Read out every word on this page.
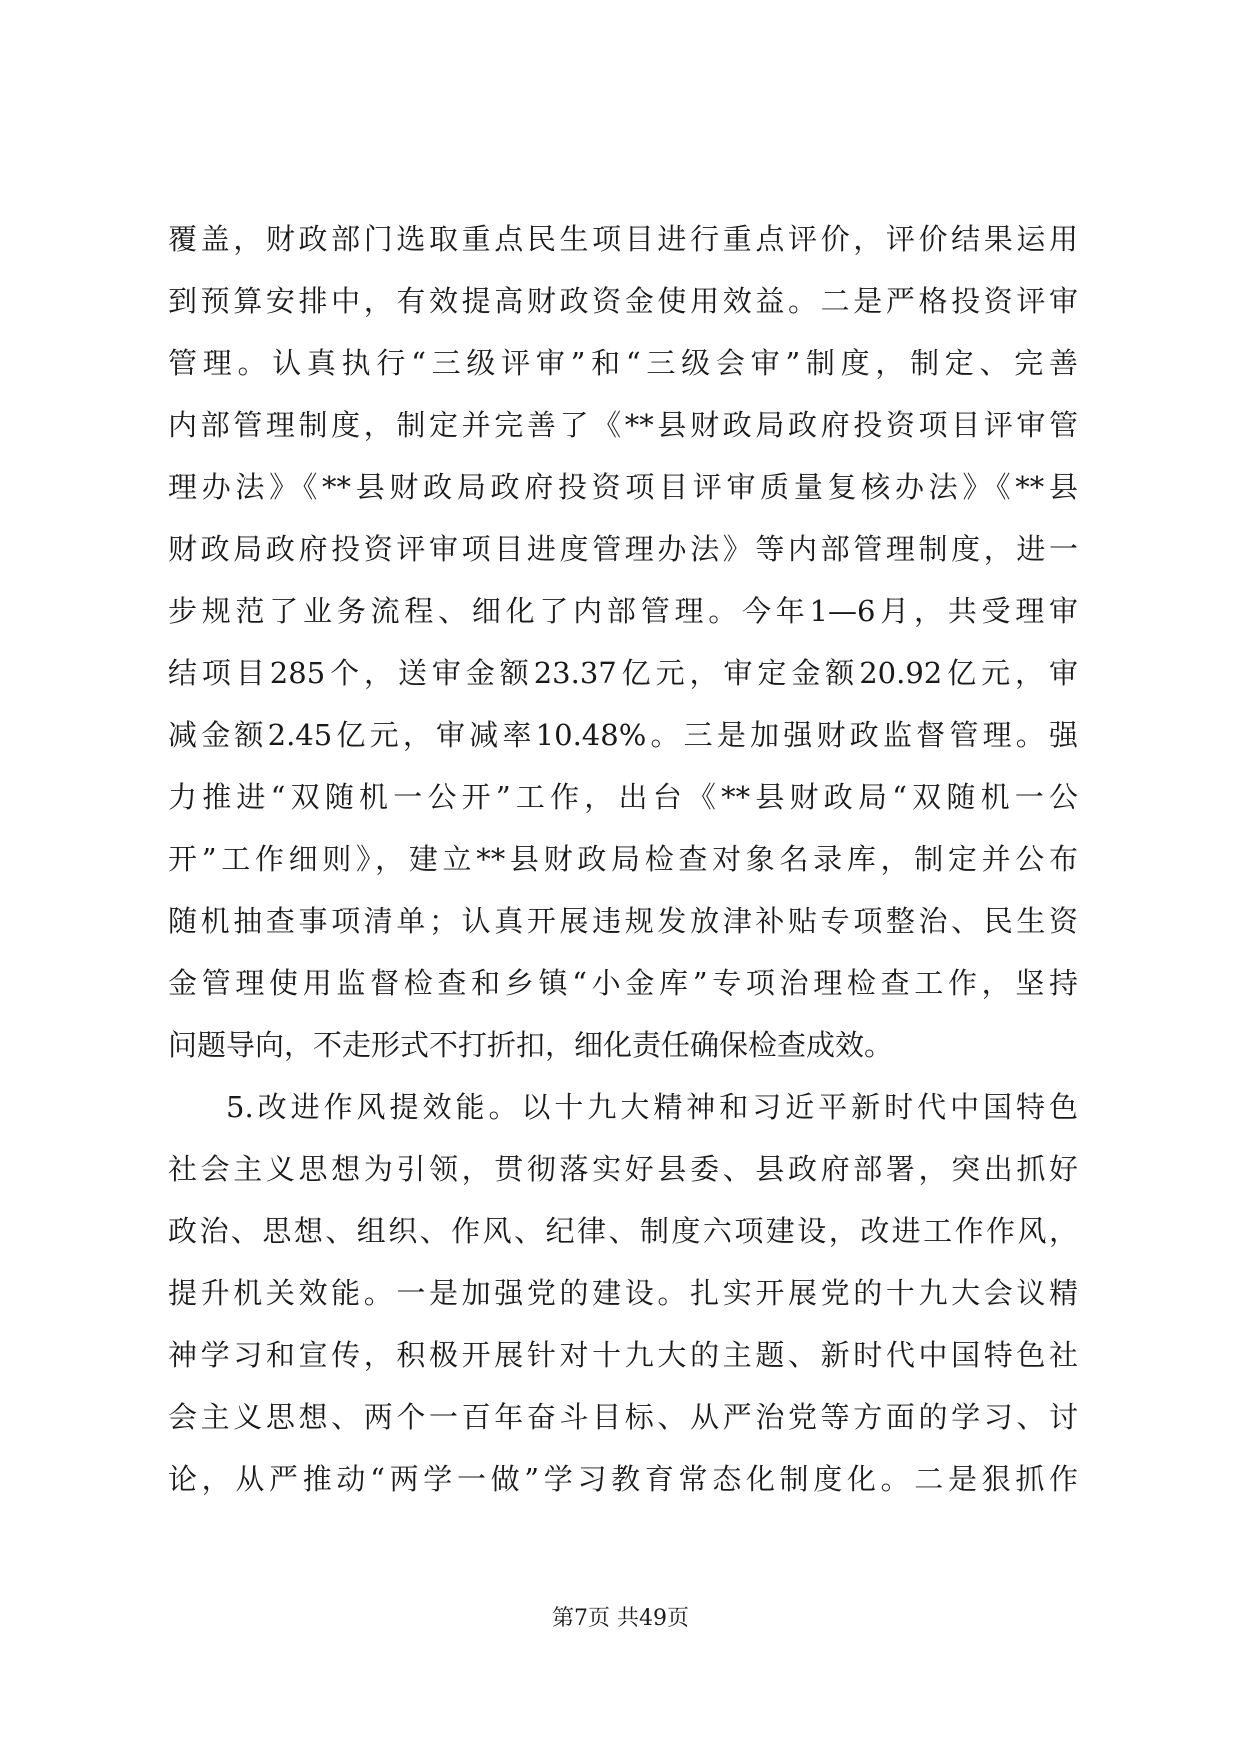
覆盖，财政部门选取重点民生项目进行重点评价，评价结果运用
到预算安排中，有效提高财政资金使用效益。二是严格投资评审
管理。认真执行“三级评审”和“三级会审”制度，制定、完善
内部管理制度，制定并完善了《**县财政局政府投资项目评审管
理办法》《**县财政局政府投资项目评审质量复核办法》《**县
财政局政府投资评审项目进度管理办法》等内部管理制度，进一
步规范了业务流程、细化了内部管理。今年1—6月，共受理审
结项目285个，送审金额23.37亿元，审定金额20.92亿元，审
减金额2.45亿元，审减率10.48%。三是加强财政监督管理。强
力推进“双随机一公开”工作，出台《**县财政局“双随机一公
开”工作细则》，建立**县财政局检查对象名录库，制定并公布
随机抽查事项清单；认真开展违规发放津补贴专项整治、民生资
金管理使用监督检查和乡镇“小金库”专项治理检查工作，坚持
问题导向，不走形式不打折扣，细化责任确保检查成效。
5.改进作风提效能。以十九大精神和习近平新时代中国特色
社会主义思想为引领，贯彻落实好县委、县政府部署，突出抓好
政治、思想、组织、作风、纪律、制度六项建设，改进工作作风，
提升机关效能。一是加强党的建设。扎实开展党的十九大会议精
神学习和宣传，积极开展针对十九大的主题、新时代中国特色社
会主义思想、两个一百年奋斗目标、从严治党等方面的学习、讨
论，从严推动“两学一做”学习教育常态化制度化。二是狠抓作
第7页 共49页
